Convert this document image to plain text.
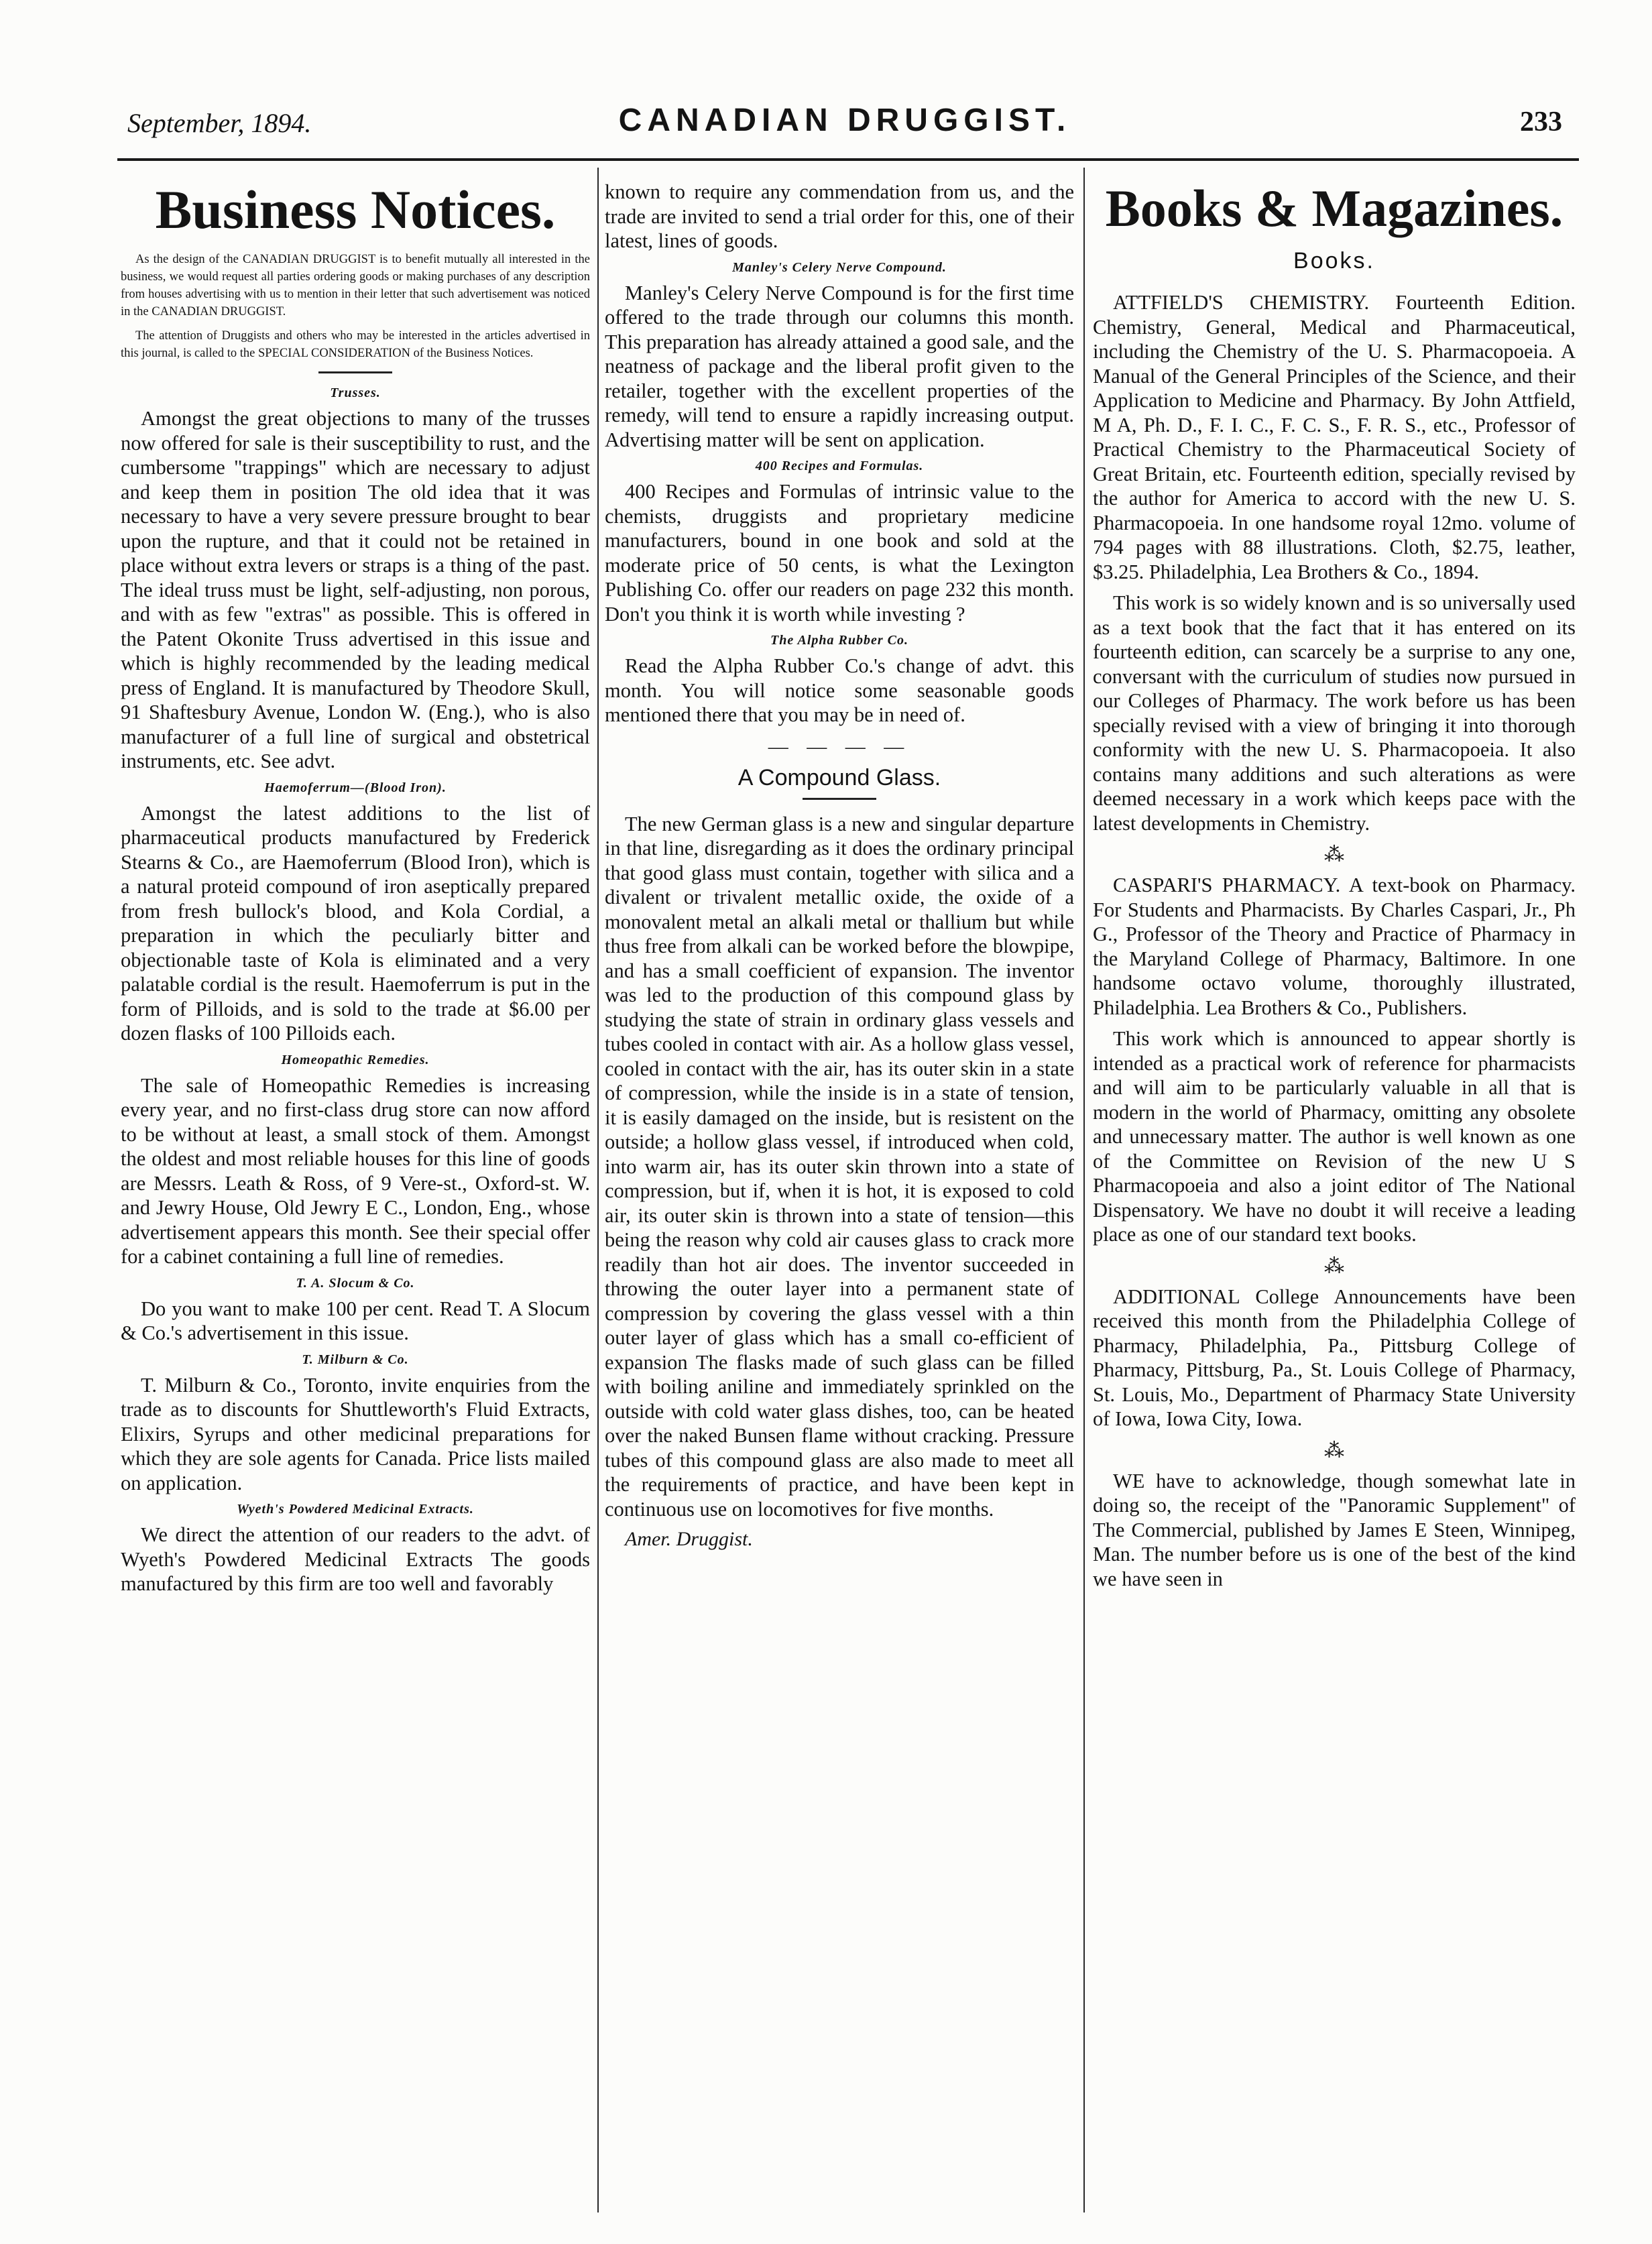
September, 1894.	CANADIAN DRUGGIST.	233
Business Notices.

As the design of the CANADIAN DRUGGIST is to benefit mutually all interested in the business, we would request all parties ordering goods or making purchases of any description from houses advertising with us to mention in their letter that such advertisement was noticed in the CANADIAN DRUGGIST.

The attention of Druggists and others who may be interested in the articles advertised in this journal, is called to the SPECIAL CONSIDERATION of the Business Notices.

Trusses.

Amongst the great objections to many of the trusses now offered for sale is their susceptibility to rust, and the cumbersome "trappings" which are necessary to adjust and keep them in position The old idea that it was necessary to have a very severe pressure brought to bear upon the rupture, and that it could not be retained in place without extra levers or straps is a thing of the past. The ideal truss must be light, self-adjusting, non porous, and with as few "extras" as possible. This is offered in the Patent Okonite Truss advertised in this issue and which is highly recommended by the leading medical press of England. It is manufactured by Theodore Skull, 91 Shaftesbury Avenue, London W. (Eng.), who is also manufacturer of a full line of surgical and obstetrical instruments, etc. See advt.

Haemoferrum—(Blood Iron).

Amongst the latest additions to the list of pharmaceutical products manufactured by Frederick Stearns & Co., are Haemoferrum (Blood Iron), which is a natural proteid compound of iron aseptically prepared from fresh bullock's blood, and Kola Cordial, a preparation in which the peculiarly bitter and objectionable taste of Kola is eliminated and a very palatable cordial is the result. Haemoferrum is put in the form of Pilloids, and is sold to the trade at $6.00 per dozen flasks of 100 Pilloids each.

Homeopathic Remedies.

The sale of Homeopathic Remedies is increasing every year, and no first-class drug store can now afford to be without at least, a small stock of them. Amongst the oldest and most reliable houses for this line of goods are Messrs. Leath & Ross, of 9 Vere-st., Oxford-st. W. and Jewry House, Old Jewry E C., London, Eng., whose advertisement appears this month. See their special offer for a cabinet containing a full line of remedies.

T. A. Slocum & Co.

Do you want to make 100 per cent. Read T. A Slocum & Co.'s advertisement in this issue.

T. Milburn & Co.

T. Milburn & Co., Toronto, invite enquiries from the trade as to discounts for Shuttleworth's Fluid Extracts, Elixirs, Syrups and other medicinal preparations for which they are sole agents for Canada. Price lists mailed on application.

Wyeth's Powdered Medicinal Extracts.

We direct the attention of our readers to the advt. of Wyeth's Powdered Medicinal Extracts The goods manufactured by this firm are too well and favorably

known to require any commendation from us, and the trade are invited to send a trial order for this, one of their latest, lines of goods.

Manley's Celery Nerve Compound.

Manley's Celery Nerve Compound is for the first time offered to the trade through our columns this month. This preparation has already attained a good sale, and the neatness of package and the liberal profit given to the retailer, together with the excellent properties of the remedy, will tend to ensure a rapidly increasing output. Advertising matter will be sent on application.

400 Recipes and Formulas.

400 Recipes and Formulas of intrinsic value to the chemists, druggists and proprietary medicine manufacturers, bound in one book and sold at the moderate price of 50 cents, is what the Lexington Publishing Co. offer our readers on page 232 this month. Don't you think it is worth while investing ?

The Alpha Rubber Co.

Read the Alpha Rubber Co.'s change of advt. this month. You will notice some seasonable goods mentioned there that you may be in need of.

— — — —
A Compound Glass.

The new German glass is a new and singular departure in that line, disregarding as it does the ordinary principal that good glass must contain, together with silica and a divalent or trivalent metallic oxide, the oxide of a monovalent metal an alkali metal or thallium but while thus free from alkali can be worked before the blowpipe, and has a small coefficient of expansion. The inventor was led to the production of this compound glass by studying the state of strain in ordinary glass vessels and tubes cooled in contact with air. As a hollow glass vessel, cooled in contact with the air, has its outer skin in a state of compression, while the inside is in a state of tension, it is easily damaged on the inside, but is resistent on the outside; a hollow glass vessel, if introduced when cold, into warm air, has its outer skin thrown into a state of compression, but if, when it is hot, it is exposed to cold air, its outer skin is thrown into a state of tension—this being the reason why cold air causes glass to crack more readily than hot air does. The inventor succeeded in throwing the outer layer into a permanent state of compression by covering the glass vessel with a thin outer layer of glass which has a small co-efficient of expansion The flasks made of such glass can be filled with boiling aniline and immediately sprinkled on the outside with cold water glass dishes, too, can be heated over the naked Bunsen flame without cracking. Pressure tubes of this compound glass are also made to meet all the requirements of practice, and have been kept in continuous use on locomotives for five months.

Amer. Druggist.
Books & Magazines.
Books.

ATTFIELD'S CHEMISTRY. Fourteenth Edition. Chemistry, General, Medical and Pharmaceutical, including the Chemistry of the U. S. Pharmacopoeia. A Manual of the General Principles of the Science, and their Application to Medicine and Pharmacy. By John Attfield, M A, Ph. D., F. I. C., F. C. S., F. R. S., etc., Professor of Practical Chemistry to the Pharmaceutical Society of Great Britain, etc. Fourteenth edition, specially revised by the author for America to accord with the new U. S. Pharmacopoeia. In one handsome royal 12mo. volume of 794 pages with 88 illustrations. Cloth, $2.75, leather, $3.25. Philadelphia, Lea Brothers & Co., 1894.

This work is so widely known and is so universally used as a text book that the fact that it has entered on its fourteenth edition, can scarcely be a surprise to any one, conversant with the curriculum of studies now pursued in our Colleges of Pharmacy. The work before us has been specially revised with a view of bringing it into thorough conformity with the new U. S. Pharmacopoeia. It also contains many additions and such alterations as were deemed necessary in a work which keeps pace with the latest developments in Chemistry.

⁂

CASPARI'S PHARMACY. A text-book on Pharmacy. For Students and Pharmacists. By Charles Caspari, Jr., Ph G., Professor of the Theory and Practice of Pharmacy in the Maryland College of Pharmacy, Baltimore. In one handsome octavo volume, thoroughly illustrated, Philadelphia. Lea Brothers & Co., Publishers.

This work which is announced to appear shortly is intended as a practical work of reference for pharmacists and will aim to be particularly valuable in all that is modern in the world of Pharmacy, omitting any obsolete and unnecessary matter. The author is well known as one of the Committee on Revision of the new U S Pharmacopoeia and also a joint editor of The National Dispensatory. We have no doubt it will receive a leading place as one of our standard text books.

⁂

ADDITIONAL College Announcements have been received this month from the Philadelphia College of Pharmacy, Philadelphia, Pa., Pittsburg College of Pharmacy, Pittsburg, Pa., St. Louis College of Pharmacy, St. Louis, Mo., Department of Pharmacy State University of Iowa, Iowa City, Iowa.

⁂

WE have to acknowledge, though somewhat late in doing so, the receipt of the "Panoramic Supplement" of The Commercial, published by James E Steen, Winnipeg, Man. The number before us is one of the best of the kind we have seen in
